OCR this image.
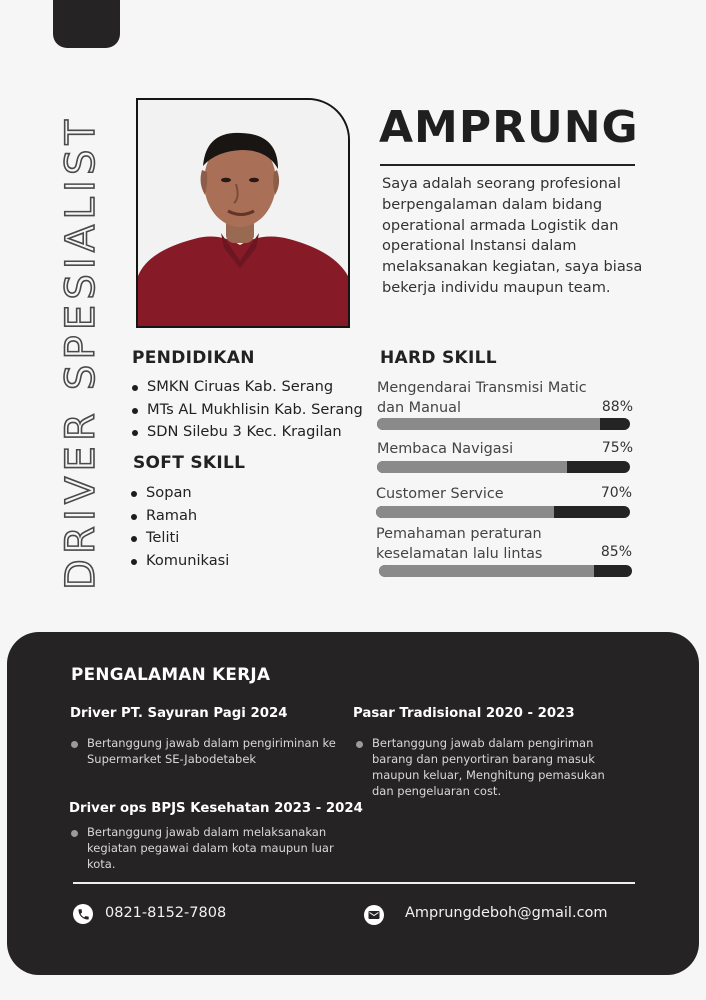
DRIVER SPESIALIST	AMPRUNG
Saya adalah seorang profesional berpengalaman dalam bidang operational armada Logistik dan operational Instansi dalam melaksanakan kegiatan, saya biasa bekerja individu maupun team.
PENDIDIKAN
SMKN Ciruas Kab. Serang
MTs AL Mukhlisin Kab. Serang
SDN Silebu 3 Kec. Kragilan
SOFT SKILL
Sopan
Ramah
Teliti
Komunikasi
HARD SKILL
Mengendarai Transmisi Matic dan Manual	88%
Membaca Navigasi	75%
Customer Service	70%
Pemahaman peraturan keselamatan lalu lintas	85%
PENGALAMAN KERJA
Driver PT. Sayuran Pagi 2024
Bertanggung jawab dalam pengiriminan ke Supermarket SE-Jabodetabek
Pasar Tradisional 2020 - 2023
Bertanggung jawab dalam pengiriman barang dan penyortiran barang masuk maupun keluar, Menghitung pemasukan dan pengeluaran cost.
Driver ops BPJS Kesehatan 2023 - 2024
Bertanggung jawab dalam melaksanakan kegiatan pegawai dalam kota maupun luar kota.
0821-8152-7808	Amprungdeboh@gmail.com
